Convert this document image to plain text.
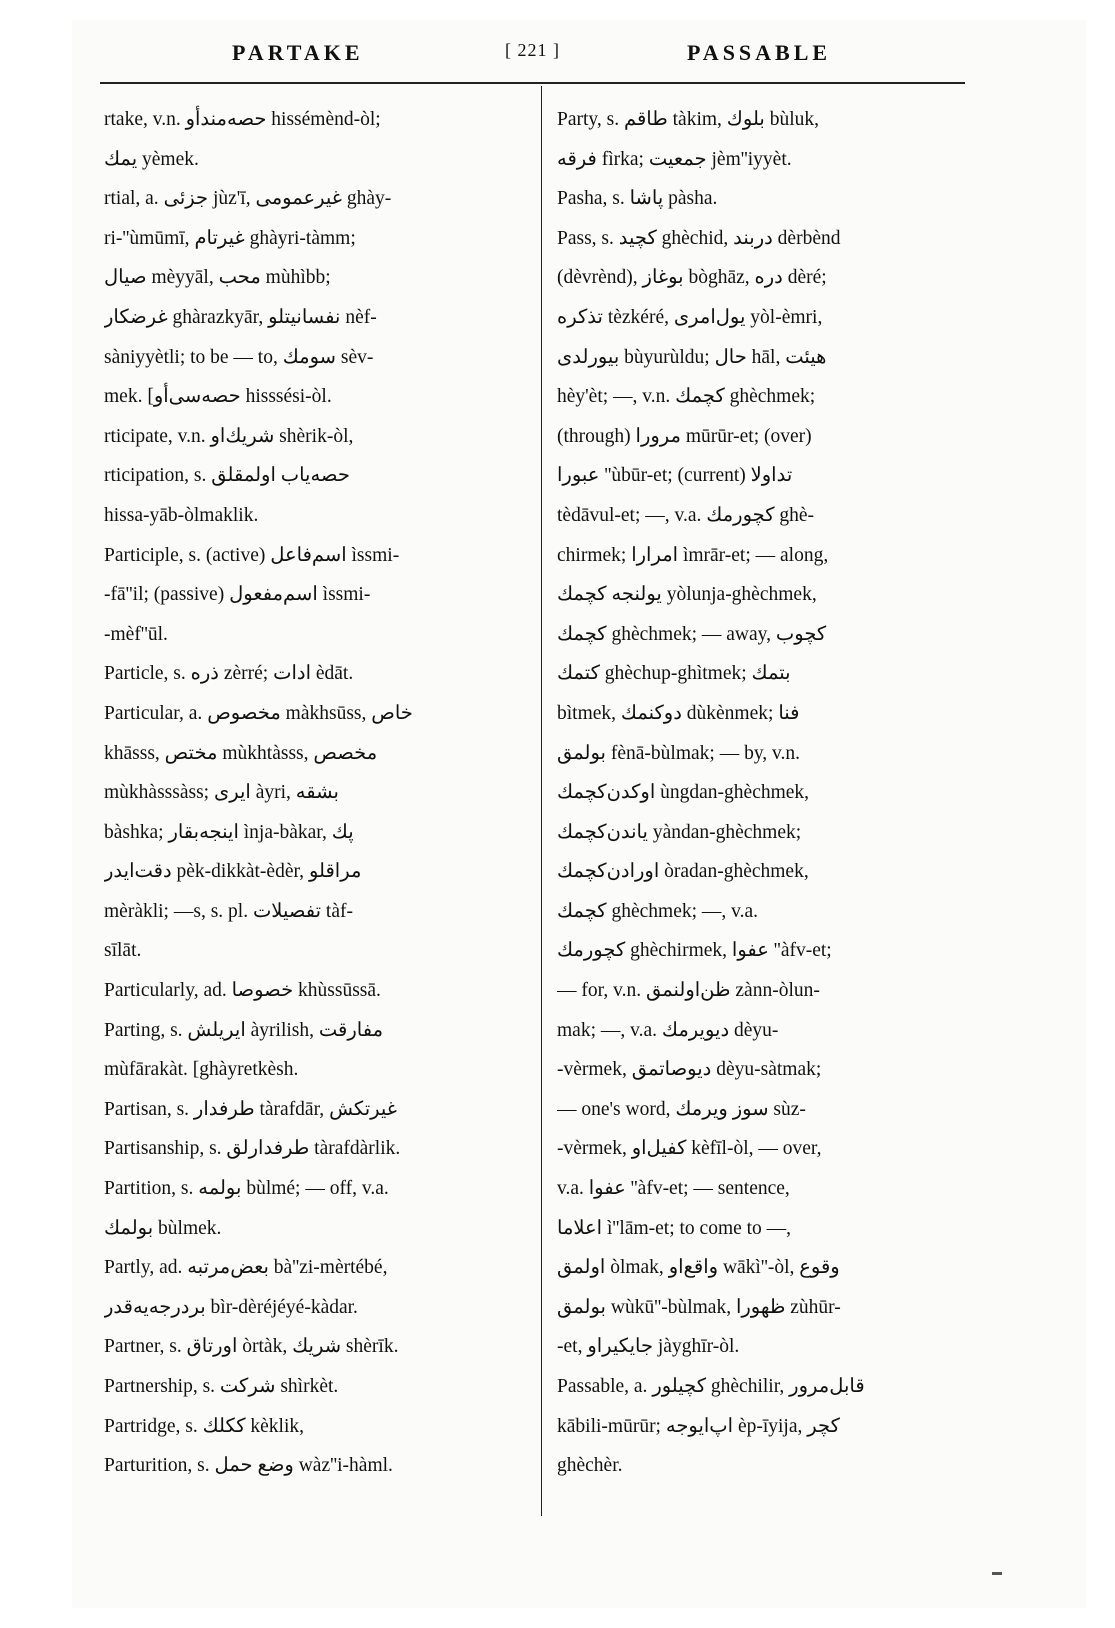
PARTAKE	[ 221 ]	PASSABLE
rtake, v.n. حصه‌مندأو hissémènd-òl;
يمك yèmek.
rtial, a. جزئى jùz'ī, غيرعمومى ghày-
ri-''ùmūmī, غيرتام ghàyri-tàmm;
صيال mèyyāl, محب mùhìbb;
غرضكار ghàrazkyār, نفسانيتلو nèf-
sàniyyètli; to be — to, سومك sèv-
mek. [حصه‌سى‌أو hisssési-òl.
rticipate, v.n. شريك‌او shèrik-òl,
rticipation, s. حصه‌ياب اولمقلق
hissa-yāb-òlmaklik.
Participle, s. (active) اسم‌فاعل ìssmi-
-fā''il; (passive) اسم‌مفعول ìssmi-
-mèf''ūl.
Particle, s. ذره zèrré; ادات èdāt.
Particular, a. مخصوص màkhsūss, خاص
khāsss, مختص mùkhtàsss, مخصص
mùkhàsssàss; ايرى àyri, بشقه
bàshka; اينجه‌بقار ìnja-bàkar, پك
دقت‌ايدر pèk-dikkàt-èdèr, مراقلو
mèràkli; —s, s. pl. تفصيلات tàf-
sīlāt.
Particularly, ad. خصوصا khùssūssā.
Parting, s. ايريلش àyrilish, مفارقت
mùfārakàt. [ghàyretkèsh.
Partisan, s. طرفدار tàrafdār, غيرتكش
Partisanship, s. طرفدارلق tàrafdàrlik.
Partition, s. بولمه bùlmé; — off, v.a.
بولمك bùlmek.
Partly, ad. بعض‌مرتبه bà''zi-mèrtébé,
بردرجه‌يه‌قدر bìr-dèréjéyé-kàdar.
Partner, s. اورتاق òrtàk, شريك shèrīk.
Partnership, s. شركت shìrkèt.
Partridge, s. ككلك kèklik,
Parturition, s. وضع حمل wàz''i-hàml.
Party, s. طاقم tàkim, بلوك bùluk,
فرقه fìrka; جمعيت jèm''iyyèt.
Pasha, s. پاشا pàsha.
Pass, s. كچيد ghèchid, دربند dèrbènd
(dèvrènd), بوغاز bòghāz, دره dèré;
تذكره tèzkéré, يول‌امرى yòl-èmri,
بيورلدى bùyurùldu; حال hāl, هيئت
hèy'èt; —, v.n. كچمك ghèchmek;
(through) مرورا mūrūr-et; (over)
عبورا ''ùbūr-et; (current) تداولا
tèdāvul-et; —, v.a. كچورمك ghè-
chirmek; امرارا ìmrār-et; — along,
يولنجه كچمك yòlunja-ghèchmek,
كچمك ghèchmek; — away, كچوب
كتمك ghèchup-ghìtmek; بتمك
bìtmek, دوكنمك dùkènmek; فنا
بولمق fènā-bùlmak; — by, v.n.
اوكدن‌كچمك ùngdan-ghèchmek,
ياندن‌كچمك yàndan-ghèchmek;
اورادن‌كچمك òradan-ghèchmek,
كچمك ghèchmek; —, v.a.
كچورمك ghèchirmek, عفوا ''àfv-et;
— for, v.n. ظن‌اولنمق zànn-òlun-
mak; —, v.a. ديويرمك dèyu-
-vèrmek, ديوصاتمق dèyu-sàtmak;
— one's word, سوز ويرمك sùz-
-vèrmek, كفيل‌او kèfīl-òl, — over,
v.a. عفوا ''àfv-et; — sentence,
اعلاما ì''lām-et; to come to —,
اولمق òlmak, واقع‌او wākì''-òl, وقوع
بولمق wùkū''-bùlmak, ظهورا zùhūr-
-et, جايكير‌او jàyghīr-òl.
Passable, a. كچيلور ghèchilir, قابل‌مرور
kābili-mūrūr; اپ‌ايوجه èp-īyija, كچر
ghèchèr.
